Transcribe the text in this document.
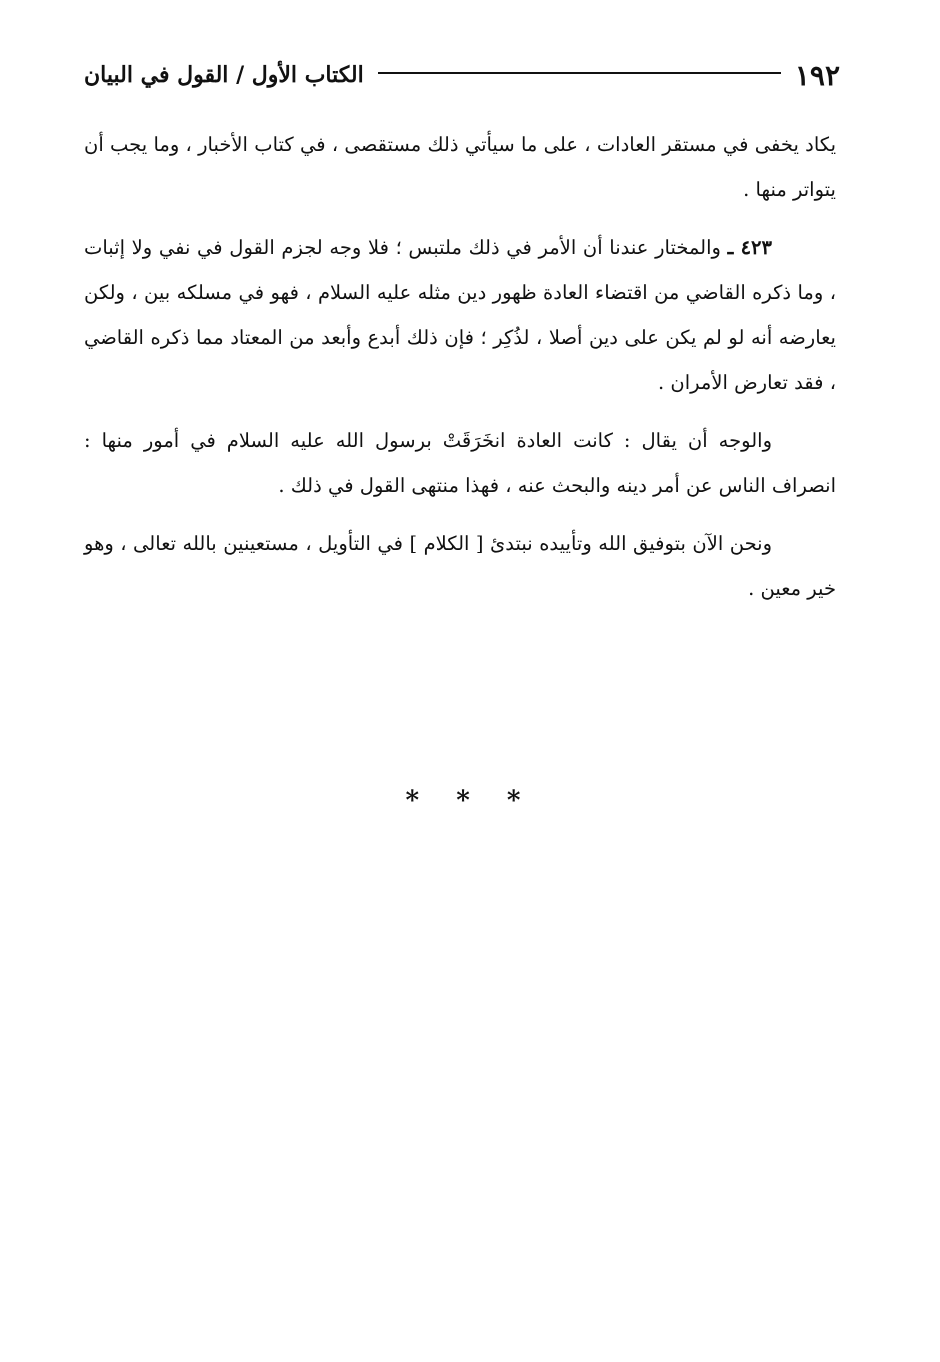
١٩٢
الكتاب الأول / القول في البيان

يكاد يخفى في مستقر العادات ، على ما سيأتي ذلك مستقصى ، في كتاب الأخبار ، وما يجب أن يتواتر منها .

٤٢٣ ـ والمختار عندنا أن الأمر في ذلك ملتبس ؛ فلا وجه لجزم القول في نفي ولا إثبات ، وما ذكره القاضي من اقتضاء العادة ظهور دين مثله عليه السلام ، فهو في مسلكه بين ، ولكن يعارضه أنه لو لم يكن على دين أصلا ، لذُكِر ؛ فإن ذلك أبدع وأبعد من المعتاد مما ذكره القاضي ، فقد تعارض الأمران .

والوجه أن يقال : كانت العادة انخَرَقَتْ برسول الله عليه السلام في أمور منها : انصراف الناس عن أمر دينه والبحث عنه ، فهذا منتهى القول في ذلك .

ونحن الآن بتوفيق الله وتأييده نبتدئ [ الكلام ] في التأويل ، مستعينين بالله تعالى ، وهو خير معين .

* * *
